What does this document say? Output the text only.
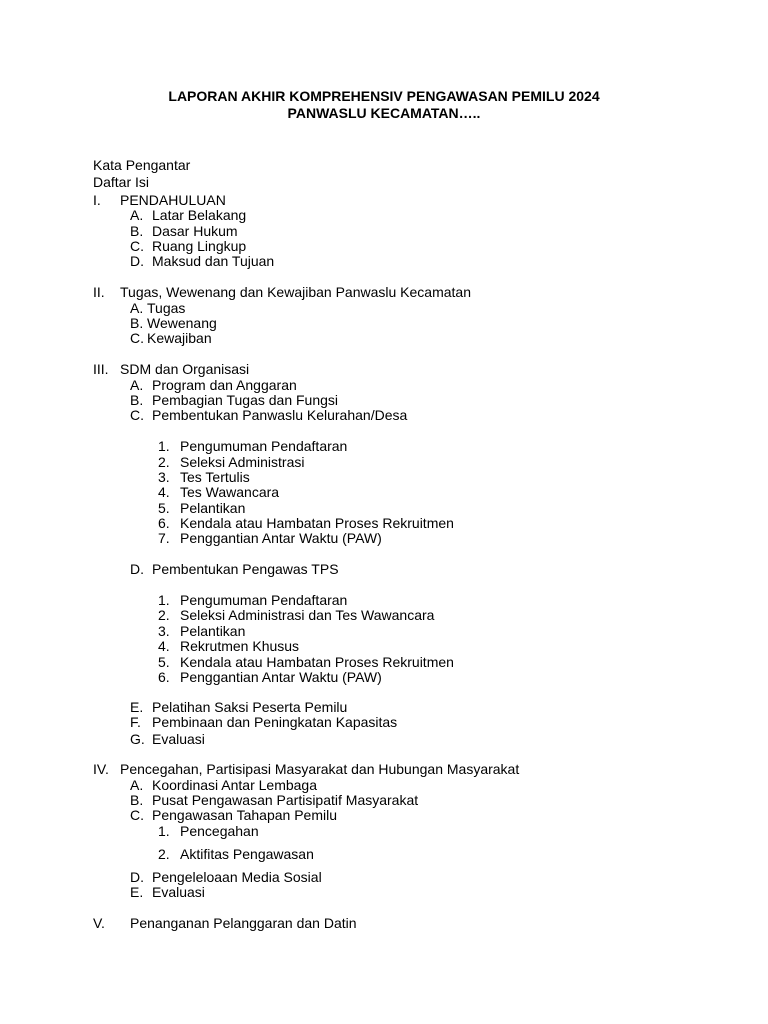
LAPORAN AKHIR KOMPREHENSIV PENGAWASAN PEMILU 2024
PANWASLU KECAMATAN…..
Kata Pengantar
Daftar Isi
I. PENDAHULUAN
A. Latar Belakang
B. Dasar Hukum
C. Ruang Lingkup
D. Maksud dan Tujuan
II. Tugas, Wewenang dan Kewajiban Panwaslu Kecamatan
A. Tugas
B. Wewenang
C. Kewajiban
III. SDM dan Organisasi
A. Program dan Anggaran
B. Pembagian Tugas dan Fungsi
C. Pembentukan Panwaslu Kelurahan/Desa
1. Pengumuman Pendaftaran
2. Seleksi Administrasi
3. Tes Tertulis
4. Tes Wawancara
5. Pelantikan
6. Kendala atau Hambatan Proses Rekruitmen
7. Penggantian Antar Waktu (PAW)
D. Pembentukan Pengawas TPS
1. Pengumuman Pendaftaran
2. Seleksi Administrasi dan Tes Wawancara
3. Pelantikan
4. Rekrutmen Khusus
5. Kendala atau Hambatan Proses Rekruitmen
6. Penggantian Antar Waktu (PAW)
E. Pelatihan Saksi Peserta Pemilu
F. Pembinaan dan Peningkatan Kapasitas
G. Evaluasi
IV. Pencegahan, Partisipasi Masyarakat dan Hubungan Masyarakat
A. Koordinasi Antar Lembaga
B. Pusat Pengawasan Partisipatif Masyarakat
C. Pengawasan Tahapan Pemilu
1. Pencegahan
2. Aktifitas Pengawasan
D. Pengeleloaan Media Sosial
E. Evaluasi
V. Penanganan Pelanggaran dan Datin
